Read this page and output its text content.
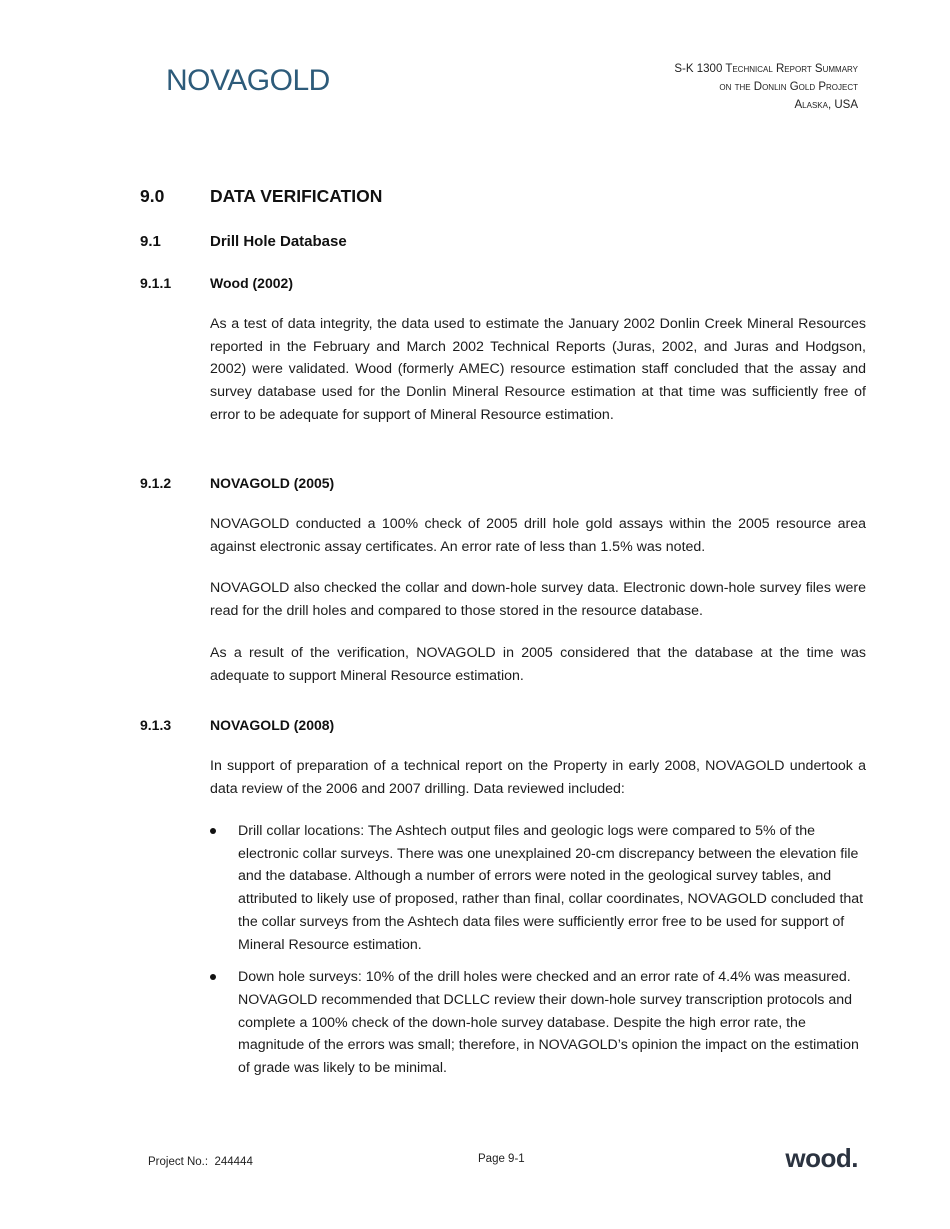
NOVAGOLD	S-K 1300 Technical Report Summary
on the Donlin Gold Project
Alaska, USA
9.0	DATA VERIFICATION
9.1	Drill Hole Database
9.1.1	Wood (2002)
As a test of data integrity, the data used to estimate the January 2002 Donlin Creek Mineral Resources reported in the February and March 2002 Technical Reports (Juras, 2002, and Juras and Hodgson, 2002) were validated. Wood (formerly AMEC) resource estimation staff concluded that the assay and survey database used for the Donlin Mineral Resource estimation at that time was sufficiently free of error to be adequate for support of Mineral Resource estimation.
9.1.2	NOVAGOLD (2005)
NOVAGOLD conducted a 100% check of 2005 drill hole gold assays within the 2005 resource area against electronic assay certificates. An error rate of less than 1.5% was noted.
NOVAGOLD also checked the collar and down-hole survey data. Electronic down-hole survey files were read for the drill holes and compared to those stored in the resource database.
As a result of the verification, NOVAGOLD in 2005 considered that the database at the time was adequate to support Mineral Resource estimation.
9.1.3	NOVAGOLD (2008)
In support of preparation of a technical report on the Property in early 2008, NOVAGOLD undertook a data review of the 2006 and 2007 drilling. Data reviewed included:
Drill collar locations: The Ashtech output files and geologic logs were compared to 5% of the electronic collar surveys. There was one unexplained 20-cm discrepancy between the elevation file and the database. Although a number of errors were noted in the geological survey tables, and attributed to likely use of proposed, rather than final, collar coordinates, NOVAGOLD concluded that the collar surveys from the Ashtech data files were sufficiently error free to be used for support of Mineral Resource estimation.
Down hole surveys: 10% of the drill holes were checked and an error rate of 4.4% was measured. NOVAGOLD recommended that DCLLC review their down-hole survey transcription protocols and complete a 100% check of the down-hole survey database. Despite the high error rate, the magnitude of the errors was small; therefore, in NOVAGOLD’s opinion the impact on the estimation of grade was likely to be minimal.
Project No.: 244444	Page 9-1	wood.
